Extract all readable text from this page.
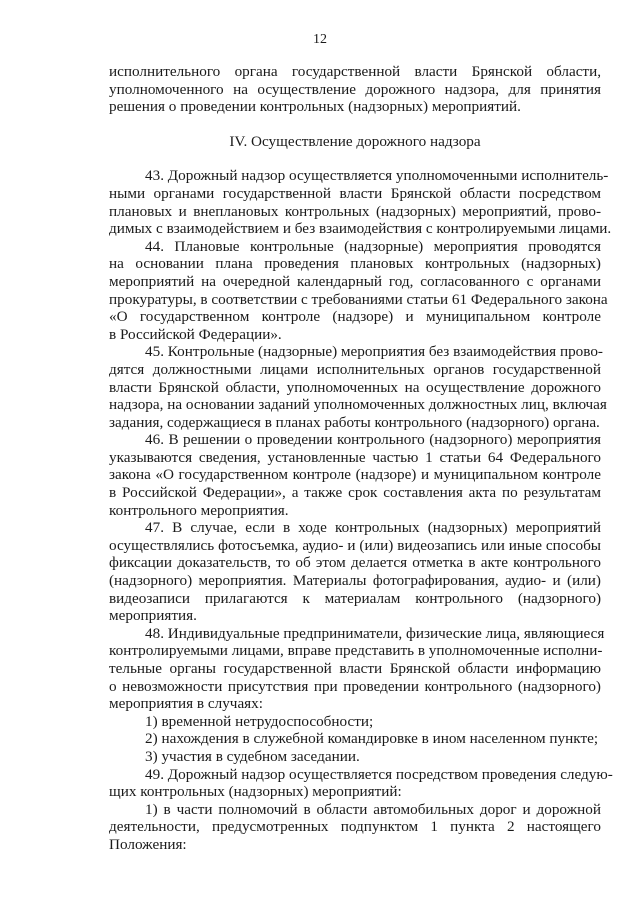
12
исполнительного органа государственной власти Брянской области,
уполномоченного на осуществление дорожного надзора, для принятия
решения о проведении контрольных (надзорных) мероприятий.
IV. Осуществление дорожного надзора
43. Дорожный надзор осуществляется уполномоченными исполнитель-
ными органами государственной власти Брянской области посредством
плановых и внеплановых контрольных (надзорных) мероприятий, прово-
димых с взаимодействием и без взаимодействия с контролируемыми лицами.
44. Плановые контрольные (надзорные) мероприятия проводятся
на основании плана проведения плановых контрольных (надзорных)
мероприятий на очередной календарный год, согласованного с органами
прокуратуры, в соответствии с требованиями статьи 61 Федерального закона
«О государственном контроле (надзоре) и муниципальном контроле
в Российской Федерации».
45. Контрольные (надзорные) мероприятия без взаимодействия прово-
дятся должностными лицами исполнительных органов государственной
власти Брянской области, уполномоченных на осуществление дорожного
надзора, на основании заданий уполномоченных должностных лиц, включая
задания, содержащиеся в планах работы контрольного (надзорного) органа.
46. В решении о проведении контрольного (надзорного) мероприятия
указываются сведения, установленные частью 1 статьи 64 Федерального
закона «О государственном контроле (надзоре) и муниципальном контроле
в Российской Федерации», а также срок составления акта по результатам
контрольного мероприятия.
47. В случае, если в ходе контрольных (надзорных) мероприятий
осуществлялись фотосъемка, аудио- и (или) видеозапись или иные способы
фиксации доказательств, то об этом делается отметка в акте контрольного
(надзорного) мероприятия. Материалы фотографирования, аудио- и (или)
видеозаписи прилагаются к материалам контрольного (надзорного)
мероприятия.
48. Индивидуальные предприниматели, физические лица, являющиеся
контролируемыми лицами, вправе представить в уполномоченные исполни-
тельные органы государственной власти Брянской области информацию
о невозможности присутствия при проведении контрольного (надзорного)
мероприятия в случаях:
1) временной нетрудоспособности;
2) нахождения в служебной командировке в ином населенном пункте;
3) участия в судебном заседании.
49. Дорожный надзор осуществляется посредством проведения следую-
щих контрольных (надзорных) мероприятий:
1) в части полномочий в области автомобильных дорог и дорожной
деятельности, предусмотренных подпунктом 1 пункта 2 настоящего
Положения:
